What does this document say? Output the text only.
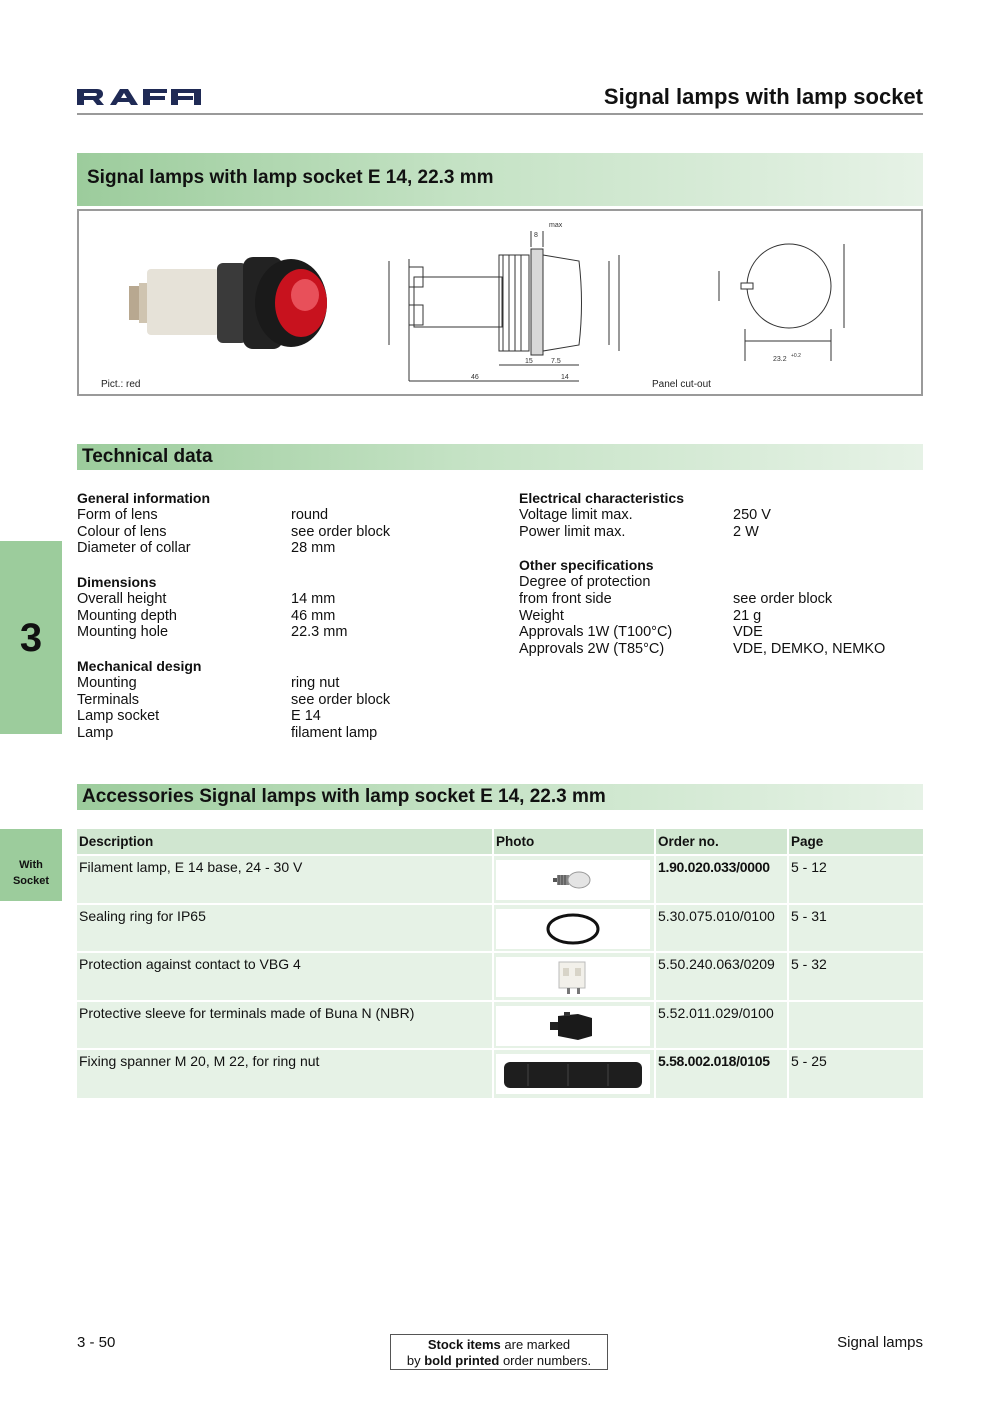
Signal lamps with lamp socket
Signal lamps with lamp socket E 14, 22.3 mm
max
8
15	7.5
46	14
23.2 +0.2
Pict.: red	Panel cut-out
3
With
Socket
Technical data
General information
Form of lens	round
Colour of lens	see order block
Diameter of collar	28 mm
Dimensions
Overall height	14 mm
Mounting depth	46 mm
Mounting hole	22.3 mm
Mechanical design
Mounting	ring nut
Terminals	see order block
Lamp socket	E 14
Lamp	filament lamp
Electrical characteristics
Voltage limit max.	250 V
Power limit max.	2 W
Other specifications
Degree of protection
from front side	see order block
Weight	21 g
Approvals 1W (T100°C)	VDE
Approvals 2W (T85°C)	VDE, DEMKO, NEMKO
Accessories Signal lamps with lamp socket E 14, 22.3 mm
Description	Photo	Order no.	Page
Filament lamp, E 14 base, 24 - 30 V		1.90.020.033/0000	5 - 12
Sealing ring for IP65		5.30.075.010/0100	5 - 31
Protection against contact to VBG 4		5.50.240.063/0209	5 - 32
Protective sleeve for terminals made of Buna N (NBR)		5.52.011.029/0100	
Fixing spanner M 20, M 22, for ring nut		5.58.002.018/0105	5 - 25
3 - 50	Stock items are marked
by bold printed order numbers.
Signal lamps
